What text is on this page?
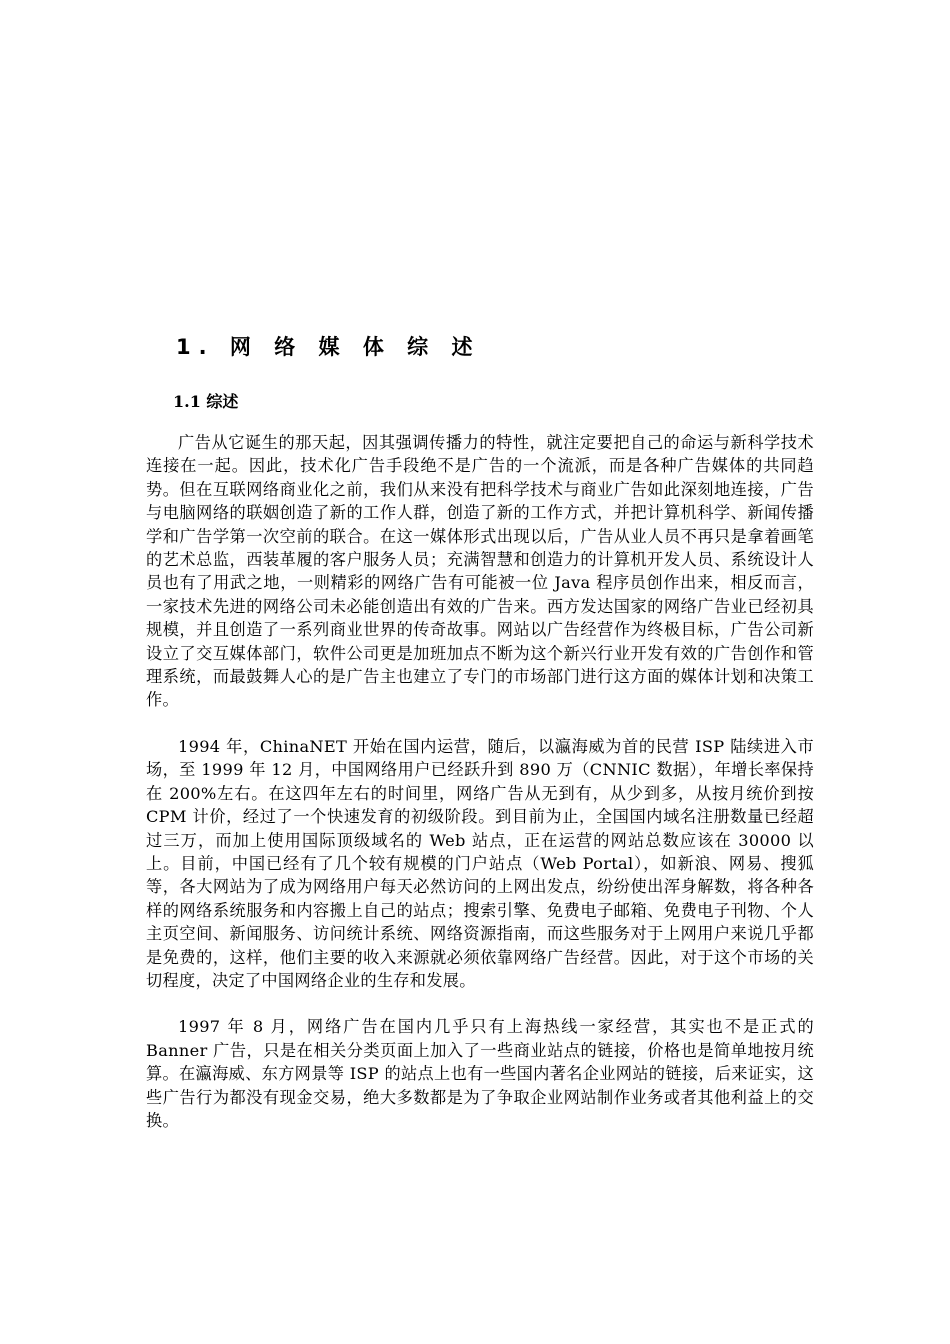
1. 网 络 媒 体 综 述
1.1 综述

广告从它诞生的那天起，因其强调传播力的特性，就注定要把自己的命运与新科学技术连接在一起。因此，技术化广告手段绝不是广告的一个流派，而是各种广告媒体的共同趋势。但在互联网络商业化之前，我们从来没有把科学技术与商业广告如此深刻地连接，广告与电脑网络的联姻创造了新的工作人群，创造了新的工作方式，并把计算机科学、新闻传播学和广告学第一次空前的联合。在这一媒体形式出现以后，广告从业人员不再只是拿着画笔的艺术总监，西装革履的客户服务人员；充满智慧和创造力的计算机开发人员、系统设计人员也有了用武之地，一则精彩的网络广告有可能被一位 Java 程序员创作出来，相反而言，一家技术先进的网络公司未必能创造出有效的广告来。西方发达国家的网络广告业已经初具规模，并且创造了一系列商业世界的传奇故事。网站以广告经营作为终极目标，广告公司新设立了交互媒体部门，软件公司更是加班加点不断为这个新兴行业开发有效的广告创作和管理系统，而最鼓舞人心的是广告主也建立了专门的市场部门进行这方面的媒体计划和决策工作。

1994 年，ChinaNET 开始在国内运营，随后，以瀛海威为首的民营 ISP 陆续进入市场，至 1999 年 12 月，中国网络用户已经跃升到 890 万（CNNIC 数据），年增长率保持在 200%左右。在这四年左右的时间里，网络广告从无到有，从少到多，从按月统价到按 CPM 计价，经过了一个快速发育的初级阶段。到目前为止，全国国内域名注册数量已经超过三万，而加上使用国际顶级域名的 Web 站点，正在运营的网站总数应该在 30000 以上。目前，中国已经有了几个较有规模的门户站点（Web Portal），如新浪、网易、搜狐等，各大网站为了成为网络用户每天必然访问的上网出发点，纷纷使出浑身解数，将各种各样的网络系统服务和内容搬上自己的站点；搜索引擎、免费电子邮箱、免费电子刊物、个人主页空间、新闻服务、访问统计系统、网络资源指南，而这些服务对于上网用户来说几乎都是免费的，这样，他们主要的收入来源就必须依靠网络广告经营。因此，对于这个市场的关切程度，决定了中国网络企业的生存和发展。

1997 年 8 月，网络广告在国内几乎只有上海热线一家经营，其实也不是正式的 Banner 广告，只是在相关分类页面上加入了一些商业站点的链接，价格也是简单地按月统算。在瀛海威、东方网景等 ISP 的站点上也有一些国内著名企业网站的链接，后来证实，这些广告行为都没有现金交易，绝大多数都是为了争取企业网站制作业务或者其他利益上的交换。
